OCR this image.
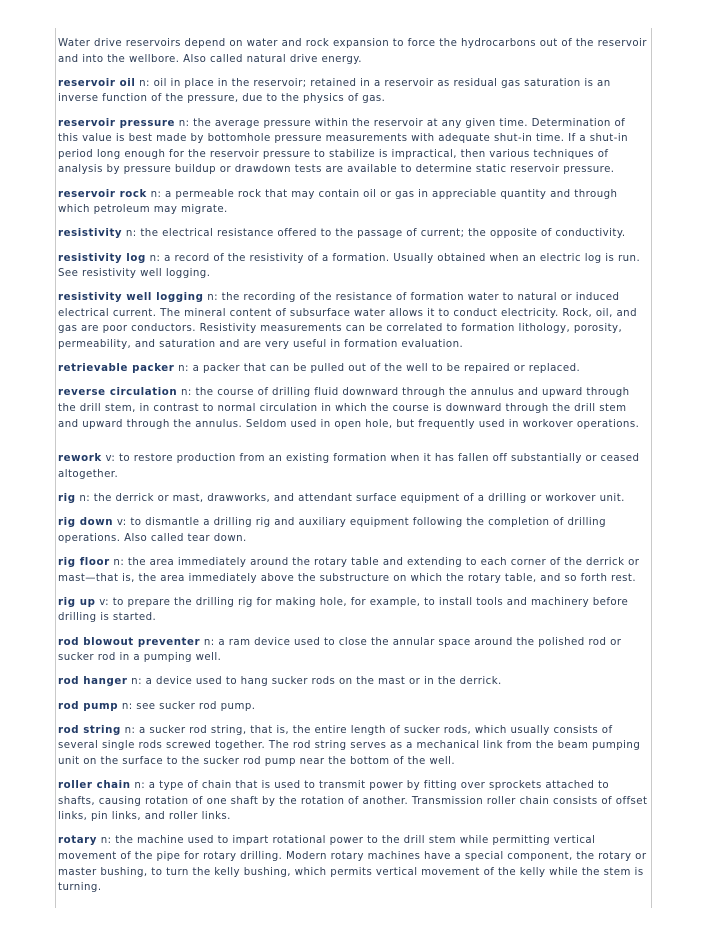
Water drive reservoirs depend on water and rock expansion to force the hydrocarbons out of the reservoir and into the wellbore. Also called natural drive energy.

reservoir oil n: oil in place in the reservoir; retained in a reservoir as residual gas saturation is an inverse function of the pressure, due to the physics of gas.

reservoir pressure n: the average pressure within the reservoir at any given time. Determination of this value is best made by bottomhole pressure measurements with adequate shut-in time. If a shut-in period long enough for the reservoir pressure to stabilize is impractical, then various techniques of analysis by pressure buildup or drawdown tests are available to determine static reservoir pressure.

reservoir rock n: a permeable rock that may contain oil or gas in appreciable quantity and through which petroleum may migrate.

resistivity n: the electrical resistance offered to the passage of current; the opposite of conductivity.

resistivity log n: a record of the resistivity of a formation. Usually obtained when an electric log is run. See resistivity well logging.

resistivity well logging n: the recording of the resistance of formation water to natural or induced electrical current. The mineral content of subsurface water allows it to conduct electricity. Rock, oil, and gas are poor conductors. Resistivity measurements can be correlated to formation lithology, porosity, permeability, and saturation and are very useful in formation evaluation.

retrievable packer n: a packer that can be pulled out of the well to be repaired or replaced.

reverse circulation n: the course of drilling fluid downward through the annulus and upward through the drill stem, in contrast to normal circulation in which the course is downward through the drill stem and upward through the annulus. Seldom used in open hole, but frequently used in workover operations.

rework v: to restore production from an existing formation when it has fallen off substantially or ceased altogether.

rig n: the derrick or mast, drawworks, and attendant surface equipment of a drilling or workover unit.

rig down v: to dismantle a drilling rig and auxiliary equipment following the completion of drilling operations. Also called tear down.

rig floor n: the area immediately around the rotary table and extending to each corner of the derrick or mast—that is, the area immediately above the substructure on which the rotary table, and so forth rest.

rig up v: to prepare the drilling rig for making hole, for example, to install tools and machinery before drilling is started.

rod blowout preventer n: a ram device used to close the annular space around the polished rod or sucker rod in a pumping well.

rod hanger n: a device used to hang sucker rods on the mast or in the derrick.

rod pump n: see sucker rod pump.

rod string n: a sucker rod string, that is, the entire length of sucker rods, which usually consists of several single rods screwed together. The rod string serves as a mechanical link from the beam pumping unit on the surface to the sucker rod pump near the bottom of the well.

roller chain n: a type of chain that is used to transmit power by fitting over sprockets attached to shafts, causing rotation of one shaft by the rotation of another. Transmission roller chain consists of offset links, pin links, and roller links.

rotary n: the machine used to impart rotational power to the drill stem while permitting vertical movement of the pipe for rotary drilling. Modern rotary machines have a special component, the rotary or master bushing, to turn the kelly bushing, which permits vertical movement of the kelly while the stem is turning.
